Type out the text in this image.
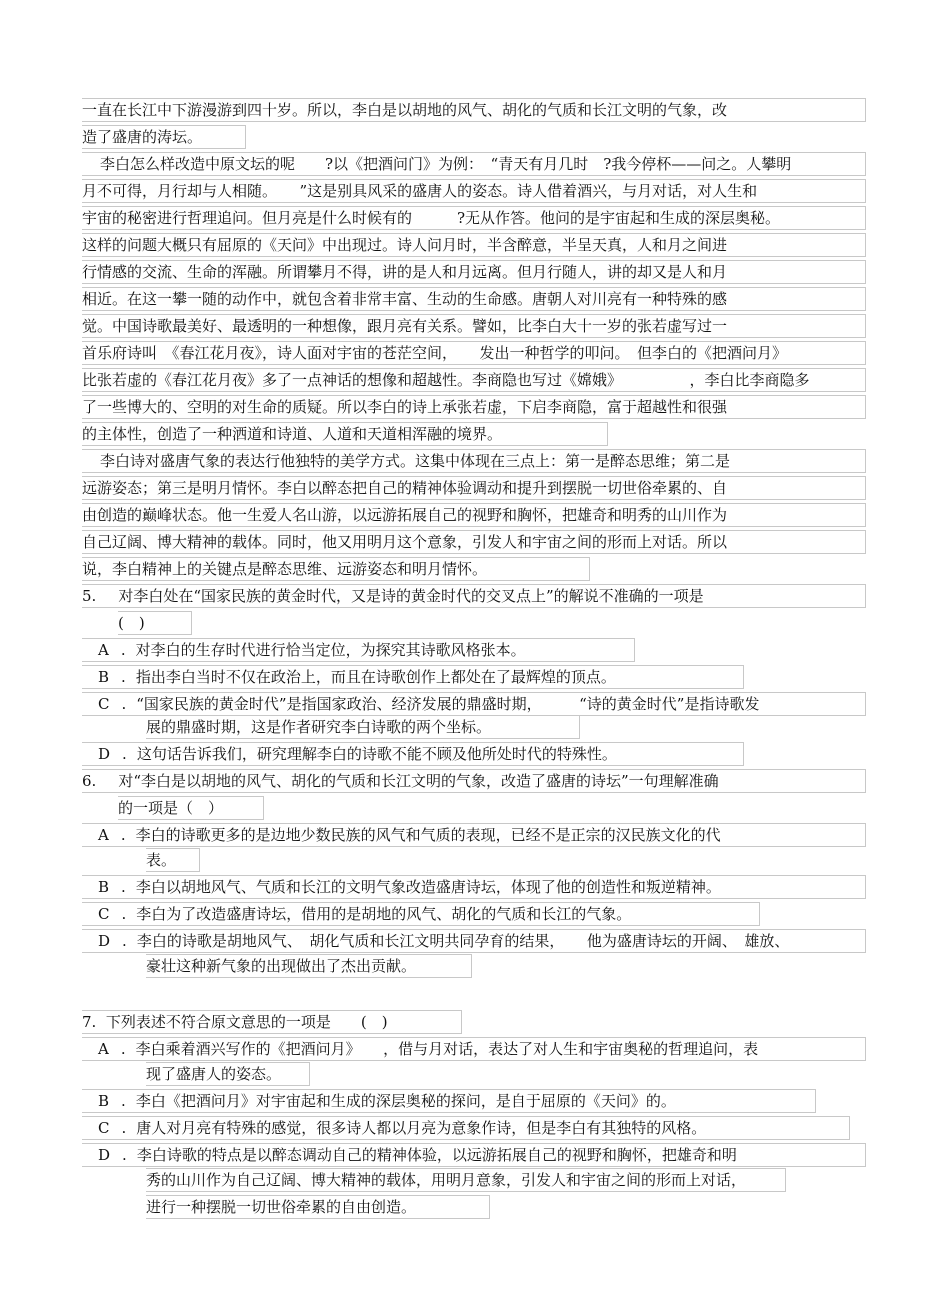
一直在长江中下游漫游到四十岁。所以，李白是以胡地的风气、胡化的气质和长江文明的气象，改
造了盛唐的涛坛。
李白怎么样改造中原文坛的呢　　?以《把酒问门》为例：　“青天有月几时　?我今停杯——问之。人攀明
月不可得，月行却与人相随。　　”这是别具风采的盛唐人的姿态。诗人借着酒兴，与月对话，对人生和
宇宙的秘密进行哲理追问。但月亮是什么时候有的　　　?无从作答。他问的是宇宙起和生成的深层奥秘。
这样的问题大概只有屈原的《天问》中出现过。诗人问月时，半含醉意，半呈天真，人和月之间进
行情感的交流、生命的浑融。所谓攀月不得，讲的是人和月远离。但月行随人，讲的却又是人和月
相近。在这一攀一随的动作中，就包含着非常丰富、生动的生命感。唐朝人对川亮有一种特殊的感
觉。中国诗歌最美好、最透明的一种想像，跟月亮有关系。譬如，比李白大十一岁的张若虚写过一
首乐府诗叫　《春江花月夜》，诗人面对宇宙的苍茫空间，　　发出一种哲学的叩问。　但李白的《把酒问月》
比张若虚的《春江花月夜》多了一点神话的想像和超越性。李商隐也写过《嫦娥》　　　　　，李白比李商隐多
了一些博大的、空明的对生命的质疑。所以李白的诗上承张若虚，下启李商隐，富于超越性和很强
的主体性，创造了一种洒道和诗道、人道和天道相浑融的境界。
李白诗对盛唐气象的表达行他独特的美学方式。这集中体现在三点上：第一是醉态思维；第二是
远游姿态；第三是明月情怀。李白以醉态把自己的精神体验调动和提升到摆脱一切世俗牵累的、自
由创造的巅峰状态。他一生爱人名山游，以远游拓展自己的视野和胸怀，把雄奇和明秀的山川作为
自己辽阔、博大精神的载体。同时，他又用明月这个意象，引发人和宇宙之间的形而上对话。所以
说，李白精神上的关键点是醉态思维、远游姿态和明月情怀。
5. 对李白处在“国家民族的黄金时代，又是诗的黄金时代的交叉点上”的解说不准确的一项是
(　)
A . 对李白的生存时代进行恰当定位，为探究其诗歌风格张本。
B . 指出李白当时不仅在政治上，而且在诗歌创作上都处在了最辉煌的顶点。
C . “国家民族的黄金时代”是指国家政治、经济发展的鼎盛时期，　　　“诗的黄金时代”是指诗歌发
展的鼎盛时期，这是作者研究李白诗歌的两个坐标。
D . 这句话告诉我们，研究理解李白的诗歌不能不顾及他所处时代的特殊性。
6. 对“李白是以胡地的风气、胡化的气质和长江文明的气象，改造了盛唐的诗坛”一句理解准确
的一项是（　）
A . 李白的诗歌更多的是边地少数民族的风气和气质的表现，已经不是正宗的汉民族文化的代
表。
B . 李白以胡地风气、气质和长江的文明气象改造盛唐诗坛，体现了他的创造性和叛逆精神。
C . 李白为了改造盛唐诗坛，借用的是胡地的风气、胡化的气质和长江的气象。
D . 李白的诗歌是胡地风气、　胡化气质和长江文明共同孕育的结果，　　他为盛唐诗坛的开阔、　雄放、
豪壮这种新气象的出现做出了杰出贡献。
7.  下列表述不符合原文意思的一项是　　(　)
A . 李白乘着酒兴写作的《把酒问月》　　，借与月对话，表达了对人生和宇宙奥秘的哲理追问，表
现了盛唐人的姿态。
B . 李白《把酒问月》对宇宙起和生成的深层奥秘的探问，是自于屈原的《天问》的。
C . 唐人对月亮有特殊的感觉，很多诗人都以月亮为意象作诗，但是李白有其独特的风格。
D . 李白诗歌的特点是以醉态调动自己的精神体验，以远游拓展自己的视野和胸怀，把雄奇和明
秀的山川作为自己辽阔、博大精神的载体，用明月意象，引发人和宇宙之间的形而上对话，
进行一种摆脱一切世俗牵累的自由创造。
